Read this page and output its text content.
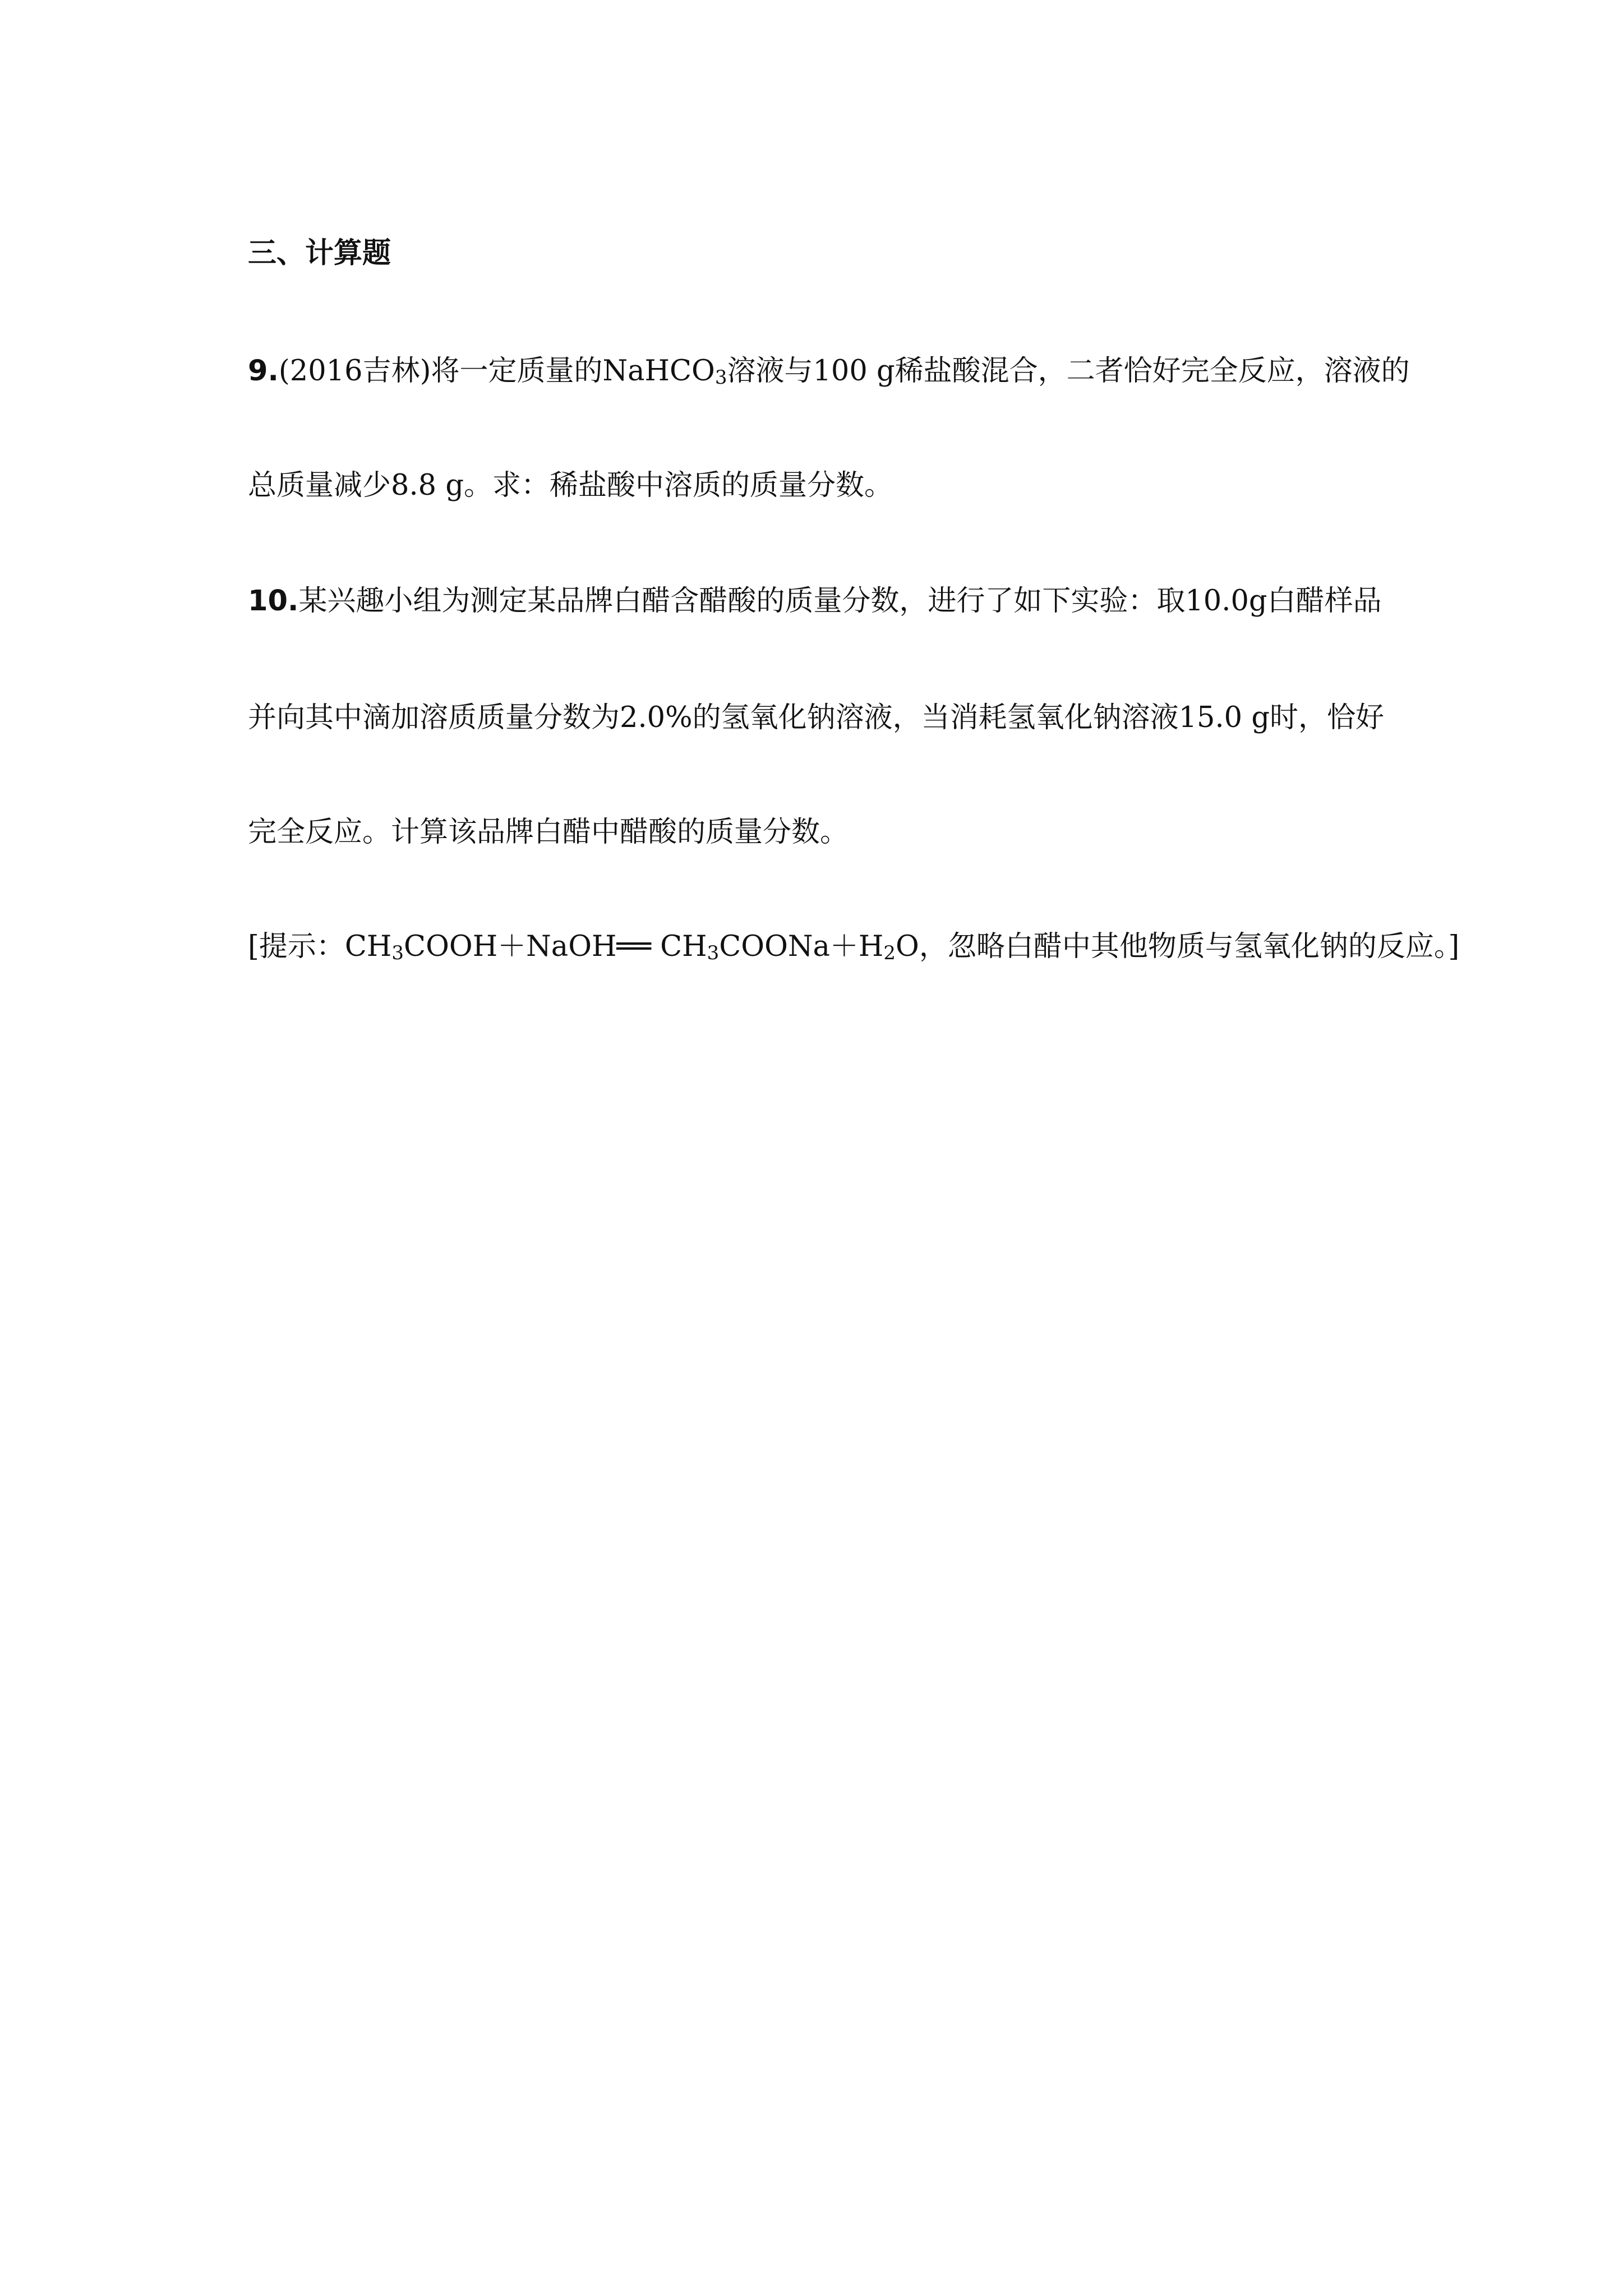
三、计算题
9.(2016吉林)将一定质量的NaHCO$_3$溶液与100 g稀盐酸混合，二者恰好完全反应，溶液的
总质量减少8.8 g。求：稀盐酸中溶质的质量分数。
10.某兴趣小组为测定某品牌白醋含醋酸的质量分数，进行了如下实验：取10.0g白醋样品
并向其中滴加溶质质量分数为2.0%的氢氧化钠溶液，当消耗氢氧化钠溶液15.0 g时，恰好
完全反应。计算该品牌白醋中醋酸的质量分数。
[提示：$CH_3COOH+NaOH══$ $CH_3COONa+H_2O$，忽略白醋中其他物质与氢氧化钠的反应。]
